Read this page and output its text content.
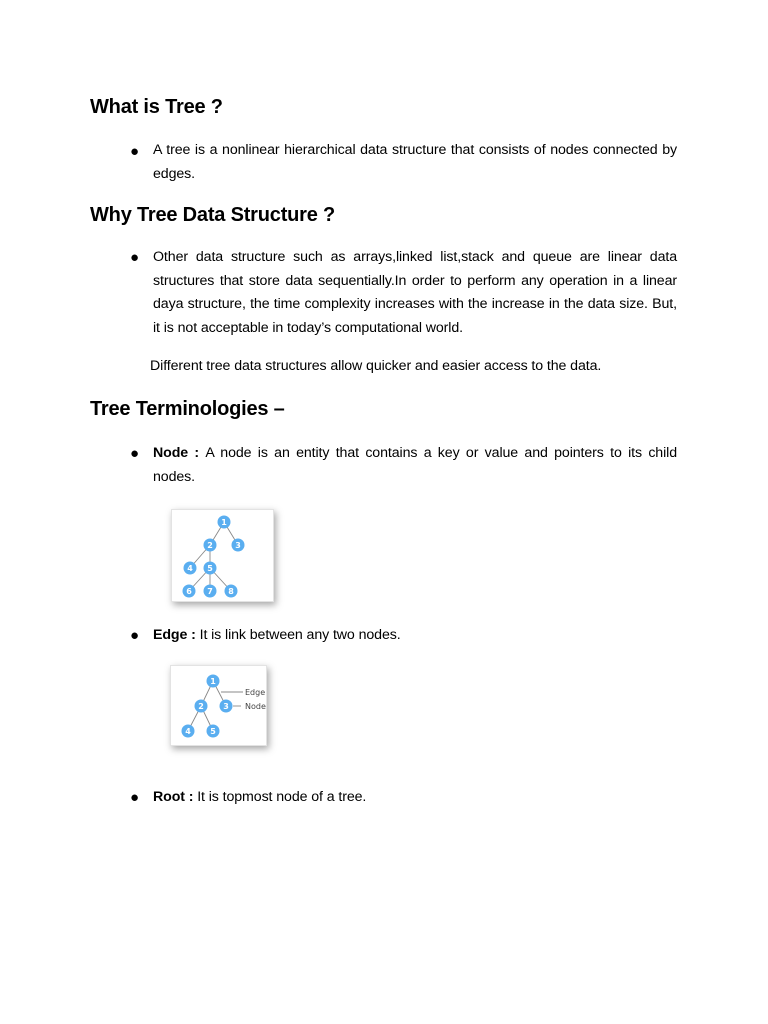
What is Tree ?
● A tree is a nonlinear hierarchical data structure that consists of nodes connected by edges.

Why Tree Data Structure ?
● Other data structure such as arrays,linked list,stack and queue are linear data structures that store data sequentially.In order to perform any operation in a linear daya structure, the time complexity increases with the increase in the data size. But, it is not acceptable in today’s computational world.

Different tree data structures allow quicker and easier access to the data.

Tree Terminologies –
● Node : A node is an entity that contains a key or value and pointers to its child nodes.

1
2	3
4 5
6 7 8
● Edge : It is link between any two nodes.

1
2 3
4 5
Edge
Node
● Root : It is topmost node of a tree.
